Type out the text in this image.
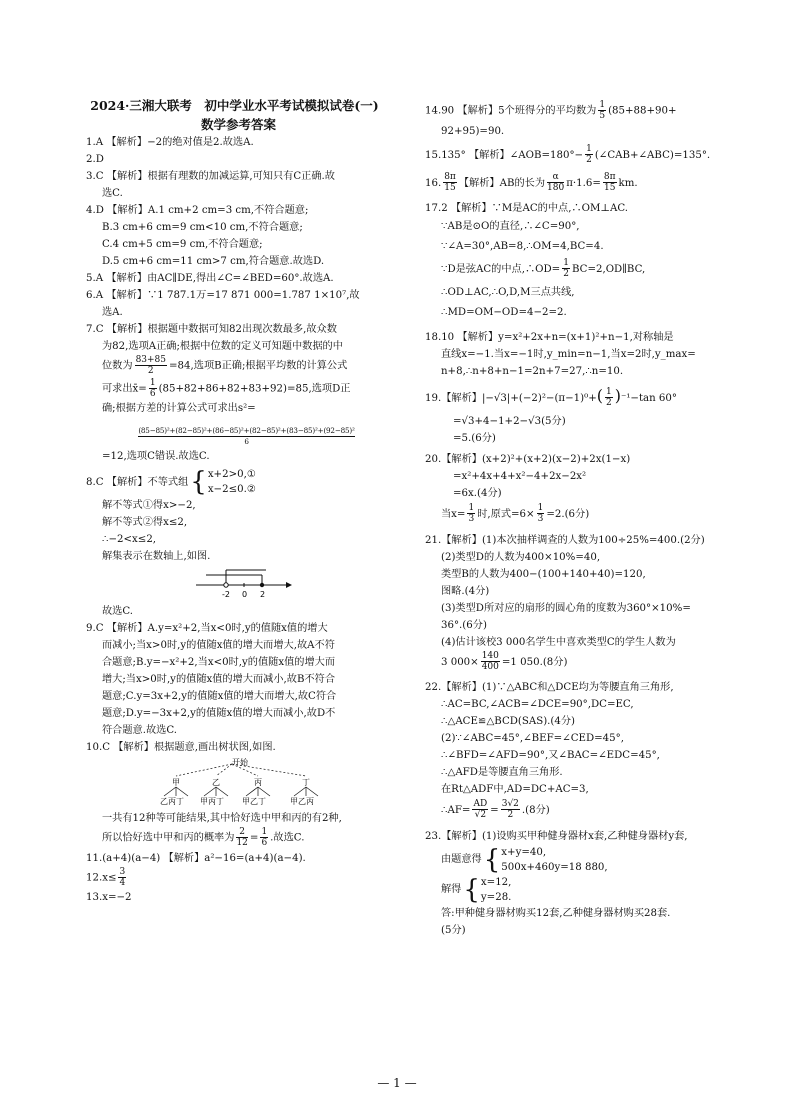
2024·三湘大联考　初中学业水平考试模拟试卷(一)

数学参考答案

1.A 【解析】−2的绝对值是2.故选A.

2.D

3.C 【解析】根据有理数的加减运算,可知只有C正确.故

选C.

4.D 【解析】A.1 cm+2 cm=3 cm,不符合题意;

B.3 cm+6 cm=9 cm<10 cm,不符合题意;

C.4 cm+5 cm=9 cm,不符合题意;

D.5 cm+6 cm=11 cm>7 cm,符合题意.故选D.

5.A 【解析】由AC∥DE,得出∠C=∠BED=60°.故选A.

6.A 【解析】∵1 787.1万=17 871 000=1.787 1×10⁷,故

选A.

7.C 【解析】根据题中数据可知82出现次数最多,故众数

为82,选项A正确;根据中位数的定义可知题中数据的中

位数为 $\frac{83+85}{2} =84$,选项B正确;根据平均数的计算公式

可求出x̄= $\frac{1}{6} (85+82+86+82+83+92)=85$,选项D正

确;根据方差的计算公式可求出s²=

(85−85)²+(82−85)²+(86−85)²+(82−85)²+(83−85)²+(92−85)²
6

=12,选项C错误.故选C.

8.C 【解析】不等式组 { x+2>0,①
x−2≤0.②

解不等式①得x>−2,

解不等式②得x≤2,

∴−2<x≤2,

解集表示在数轴上,如图.

-2 0 2

故选C.

9.C 【解析】A.y=x²+2,当x<0时,y的值随x值的增大

而减小;当x>0时,y的值随x值的增大而增大,故A不符

合题意;B.y=−x²+2,当x<0时,y的值随x值的增大而

增大;当x>0时,y的值随x值的增大而减小,故B不符合

题意;C.y=3x+2,y的值随x值的增大而增大,故C符合

题意;D.y=−3x+2,y的值随x值的增大而减小,故D不

符合题意.故选C.

10.C 【解析】根据题意,画出树状图,如图.

开始
甲	乙	丙	丁
乙丙丁 甲丙丁 甲乙丁	甲乙丙

一共有12种等可能结果,其中恰好选中甲和丙的有2种,

所以恰好选中甲和丙的概率为 $\frac{2}{12} = \frac{1}{6}$ .故选C.

11.(a+4)(a−4) 【解析】a²−16=(a+4)(a−4).

$12.x\le \frac{3}{4}$

13.x=−2

14.90 【解析】5个班得分的平均数为 $\frac{1}{5} (85+88+90+$

92+95)=90.

15.135° 【解析】∠AOB=180°− $\frac{1}{2}$ (∠CAB+∠ABC)=135°.

16. $\frac{8\pi}{15}$ 【解析】AB的长为 $\frac{\alpha}{180} \pi\cdot 1.6= \frac{8\pi}{15}$ km.

17.2 【解析】∵M是AC的中点,∴OM⊥AC.

∵AB是⊙O的直径,∴∠C=90°,

∵∠A=30°,AB=8,∴OM=4,BC=4.

∵D是弦AC的中点,∴OD= $\frac{1}{2}$ BC=2,OD∥BC,

∴OD⊥AC,∴O,D,M三点共线,

∴MD=OM−OD=4−2=2.

18.10 【解析】y=x²+2x+n=(x+1)²+n−1,对称轴是

直线x=−1.当x=−1时,y_min=n−1,当x=2时,y_max=

n+8,∴n+8+n−1=2n+7=27,∴n=10.

19.【解析】$|-√3|+(-2)^2-(\pi-1)^0+( \frac{1}{2} )^{-1}-\tan$ 60°

=√3+4−1+2−√3(5分)

=5.(6分)

20.【解析】(x+2)²+(x+2)(x−2)+2x(1−x)

=x²+4x+4+x²−4+2x−2x²

=6x.(4分)

当$x= \frac{1}{3}$ 时,原式$=6\times \frac{1}{3} =2.(6$分)

21.【解析】(1)本次抽样调查的人数为100÷25%=400.(2分)

(2)类型D的人数为400×10%=40,

类型B的人数为400−(100+140+40)=120,

图略.(4分)

(3)类型D所对应的扇形的圆心角的度数为360°×10%=

36°.(6分)

(4)估计该校3 000名学生中喜欢类型C的学生人数为

3 $000\times \frac{140}{400} =1$ 050.(8分)

22.【解析】(1)∵△ABC和△DCE均为等腰直角三角形,

∴AC=BC,∠ACB=∠DCE=90°,DC=EC,

∴△ACE≌△BCD(SAS).(4分)

(2)∵∠ABC=45°,∠BEF=∠CED=45°,

∴∠BFD=∠AFD=90°,又∠BAC=∠EDC=45°,

∴△AFD是等腰直角三角形.

在Rt△ADF中,AD=DC+AC=3,

∴AF= $\frac{AD}{√2} = \frac{3√2}{2} .(8$分)

23.【解析】(1)设购买甲种健身器材x套,乙种健身器材y套,

由题意得 { x+y=40,
500x+460y=18 880,
解得 { x=12,
y=28.

答:甲种健身器材购买12套,乙种健身器材购买28套.

(5分)

— 1 —
